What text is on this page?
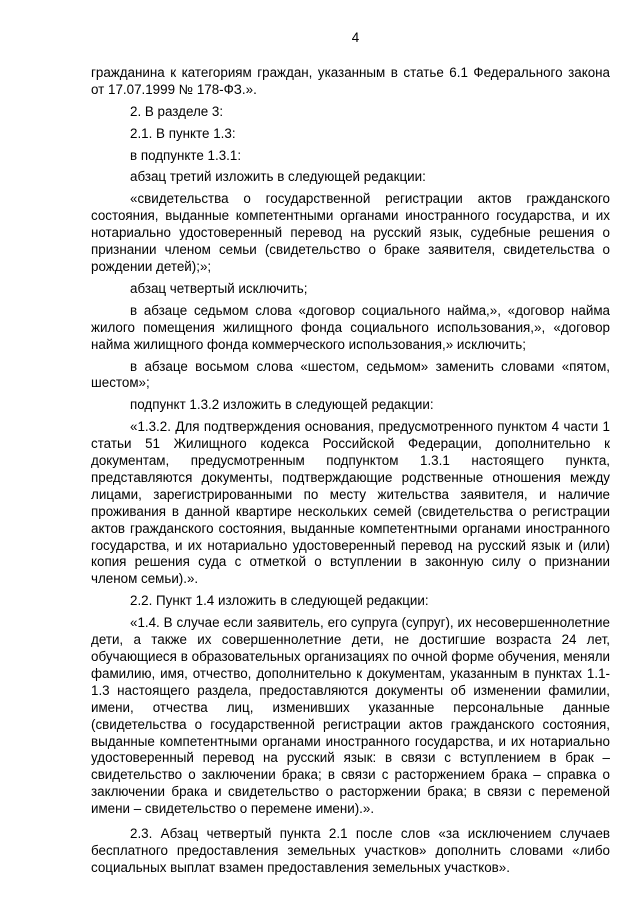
4

гражданина к категориям граждан, указанным в статье 6.1 Федерального закона от 17.07.1999 № 178-ФЗ.».

2. В разделе 3:

2.1. В пункте 1.3:

в подпункте 1.3.1:

абзац третий изложить в следующей редакции:

«свидетельства о государственной регистрации актов гражданского состояния, выданные компетентными органами иностранного государства, и их нотариально удостоверенный перевод на русский язык, судебные решения о признании членом семьи (свидетельство о браке заявителя, свидетельства о рождении детей);»;

абзац четвертый исключить;

в абзаце седьмом слова «договор социального найма,», «договор найма жилого помещения жилищного фонда социального использования,», «договор найма жилищного фонда коммерческого использования,» исключить;

в абзаце восьмом слова «шестом, седьмом» заменить словами «пятом, шестом»;

подпункт 1.3.2 изложить в следующей редакции:

«1.3.2. Для подтверждения основания, предусмотренного пунктом 4 части 1 статьи 51 Жилищного кодекса Российской Федерации, дополнительно к документам, предусмотренным подпунктом 1.3.1 настоящего пункта, представляются документы, подтверждающие родственные отношения между лицами, зарегистрированными по месту жительства заявителя, и наличие проживания в данной квартире нескольких семей (свидетельства о регистрации актов гражданского состояния, выданные компетентными органами иностранного государства, и их нотариально удостоверенный перевод на русский язык и (или) копия решения суда с отметкой о вступлении в законную силу о признании членом семьи).».

2.2. Пункт 1.4 изложить в следующей редакции:

«1.4. В случае если заявитель, его супруга (супруг), их несовершеннолетние дети, а также их совершеннолетние дети, не достигшие возраста 24 лет, обучающиеся в образовательных организациях по очной форме обучения, меняли фамилию, имя, отчество, дополнительно к документам, указанным в пунктах 1.1-1.3 настоящего раздела, предоставляются документы об изменении фамилии, имени, отчества лиц, изменивших указанные персональные данные (свидетельства о государственной регистрации актов гражданского состояния, выданные компетентными органами иностранного государства, и их нотариально удостоверенный перевод на русский язык: в связи с вступлением в брак – свидетельство о заключении брака; в связи с расторжением брака – справка о заключении брака и свидетельство о расторжении брака; в связи с переменой имени – свидетельство о перемене имени).».

2.3. Абзац четвертый пункта 2.1 после слов «за исключением случаев бесплатного предоставления земельных участков» дополнить словами «либо социальных выплат взамен предоставления земельных участков».
